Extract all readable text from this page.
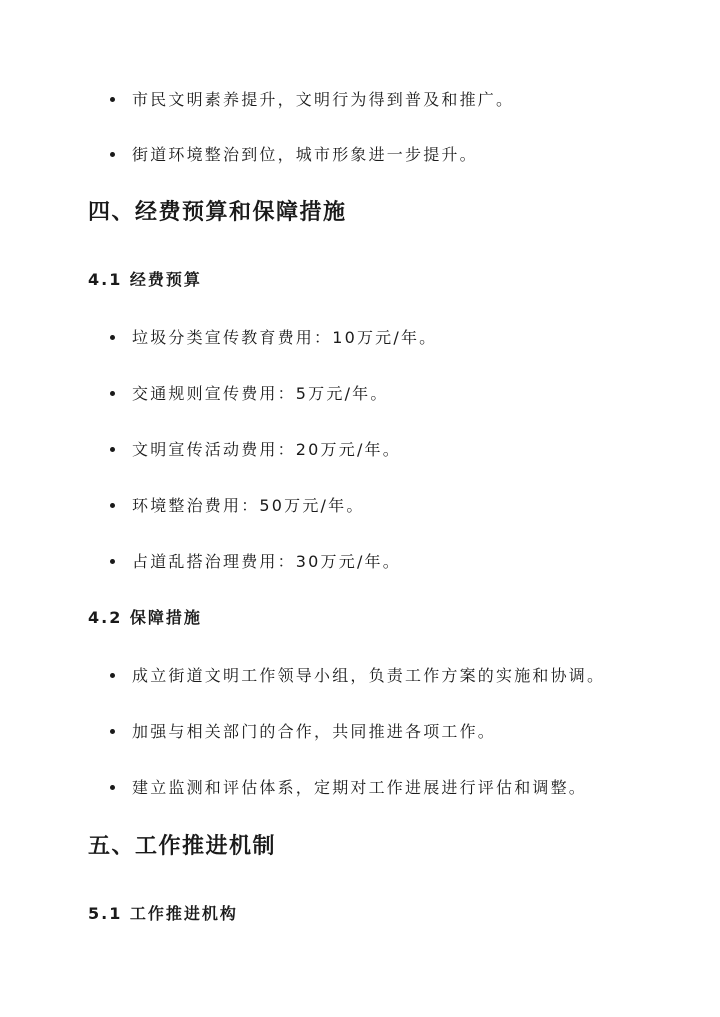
市民文明素养提升，文明行为得到普及和推广。
街道环境整治到位，城市形象进一步提升。
四、经费预算和保障措施
4.1 经费预算
垃圾分类宣传教育费用：10万元/年。
交通规则宣传费用：5万元/年。
文明宣传活动费用：20万元/年。
环境整治费用：50万元/年。
占道乱搭治理费用：30万元/年。
4.2 保障措施
成立街道文明工作领导小组，负责工作方案的实施和协调。
加强与相关部门的合作，共同推进各项工作。
建立监测和评估体系，定期对工作进展进行评估和调整。
五、工作推进机制
5.1 工作推进机构
